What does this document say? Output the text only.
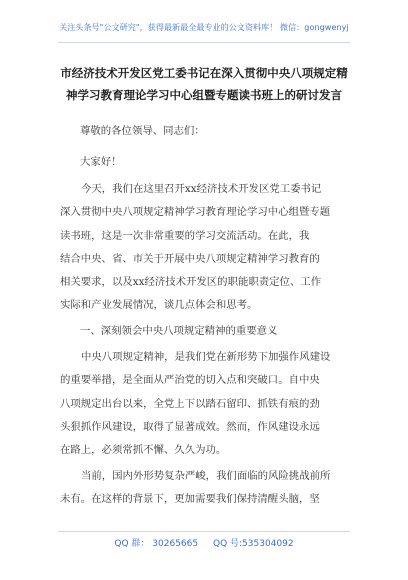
关注头条号"公文研究"，获得最新最全最专业的公文资料库！ 微信：gongwenyj
市经济技术开发区党工委书记在深入贯彻中央八项规定精
神学习教育理论学习中心组暨专题读书班上的研讨发言
尊敬的各位领导、同志们：
大家好！
今天，我们在这里召开xx经济技术开发区党工委书记
深入贯彻中央八项规定精神学习教育理论学习中心组暨专题
读书班，这是一次非常重要的学习交流活动。在此，我
结合中央、省、市关于开展中央八项规定精神学习教育的
相关要求，以及xx经济技术开发区的职能职责定位、工作
实际和产业发展情况，谈几点体会和思考。
一、深刻领会中央八项规定精神的重要意义
中央八项规定精神，是我们党在新形势下加强作风建设
的重要举措，是全面从严治党的切入点和突破口。自中央
八项规定出台以来，全党上下以踏石留印、抓铁有痕的劲
头狠抓作风建设，取得了显著成效。然而，作风建设永远
在路上，必须常抓不懈、久久为功。
当前，国内外形势复杂严峻，我们面临的风险挑战前所
未有。在这样的背景下，更加需要我们保持清醒头脑，坚
QQ 群： 30265665 QQ 号:535304092
